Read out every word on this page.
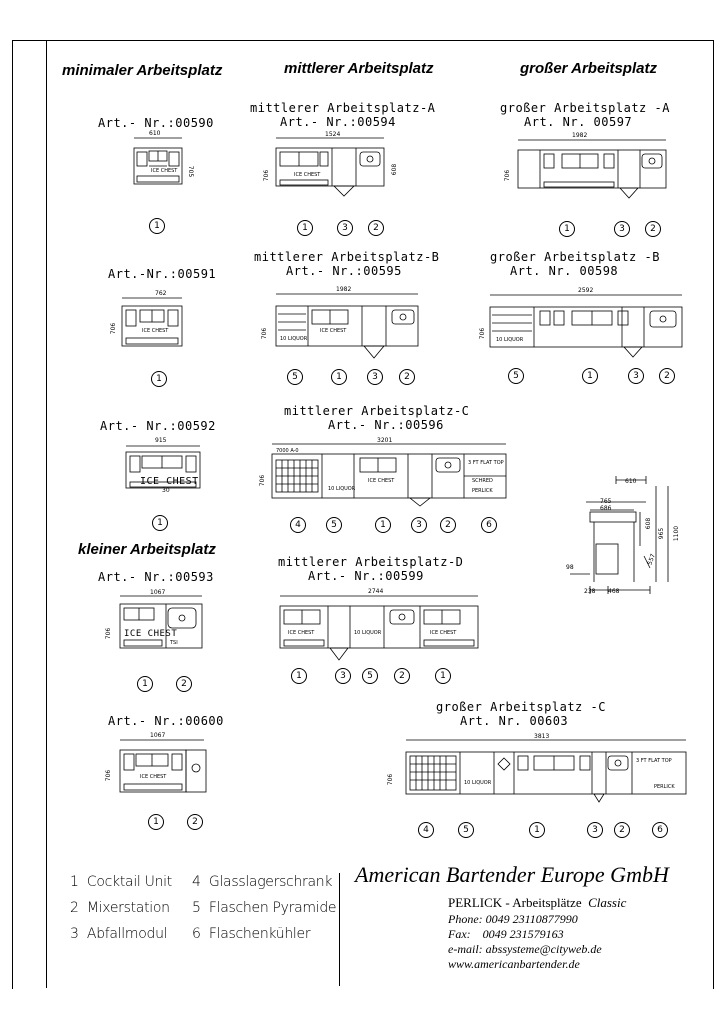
minimaler Arbeitsplatz	mittlerer Arbeitsplatz	großer Arbeitsplatz
kleiner Arbeitsplatz
Art.- Nr.:00590
610
705
ICE CHEST
1
Art.-Nr.:00591
762
706	ICE CHEST
1
Art.- Nr.:00592
915
ICE CHEST
30
1
Art.- Nr.:00593
1067
706
TSI
ICE CHEST
1	2
Art.- Nr.:00600
1067
706	ICE CHEST
1	2
mittlerer Arbeitsplatz-A
Art.- Nr.:00594
1524
706
608
ICE CHEST
1	3	2
mittlerer Arbeitsplatz-B
Art.- Nr.:00595
1982
706 10 LIQUOR
ICE CHEST
5	1	3	2
mittlerer Arbeitsplatz-C
Art.- Nr.:00596
3201
706
7000 A-0
10 LIQUOR
ICE CHEST
3 FT FLAT TOP
SCHRED
PERLICK
4	5	1	3	2	6
mittlerer Arbeitsplatz-D
Art.- Nr.:00599
2744
ICE CHEST	10 LIQUOR	ICE CHEST
1	3	5	2	1
großer Arbeitsplatz -A
Art. Nr. 00597
1982
706
1	3	2
großer Arbeitsplatz -B
Art. Nr. 00598
2592
706
10 LIQUOR
5	1	3	2
610
765
686
608
965 1100
557
98
238 468
großer Arbeitsplatz -C
Art. Nr. 00603
3813
706	10 LIQUOR
3 FT FLAT TOP
PERLICK
4	5	1	3	2	6
1 Cocktail Unit
2 Mixerstation
3 Abfallmodul
4 Glasslagerschrank
5 Flaschen Pyramide
6 Flaschenkühler
American Bartender Europe GmbH
PERLICK - Arbeitsplätze Classic
Phone: 0049 23110877990
Fax:    0049 231579163
e-mail: abssysteme@cityweb.de
www.americanbartender.de
